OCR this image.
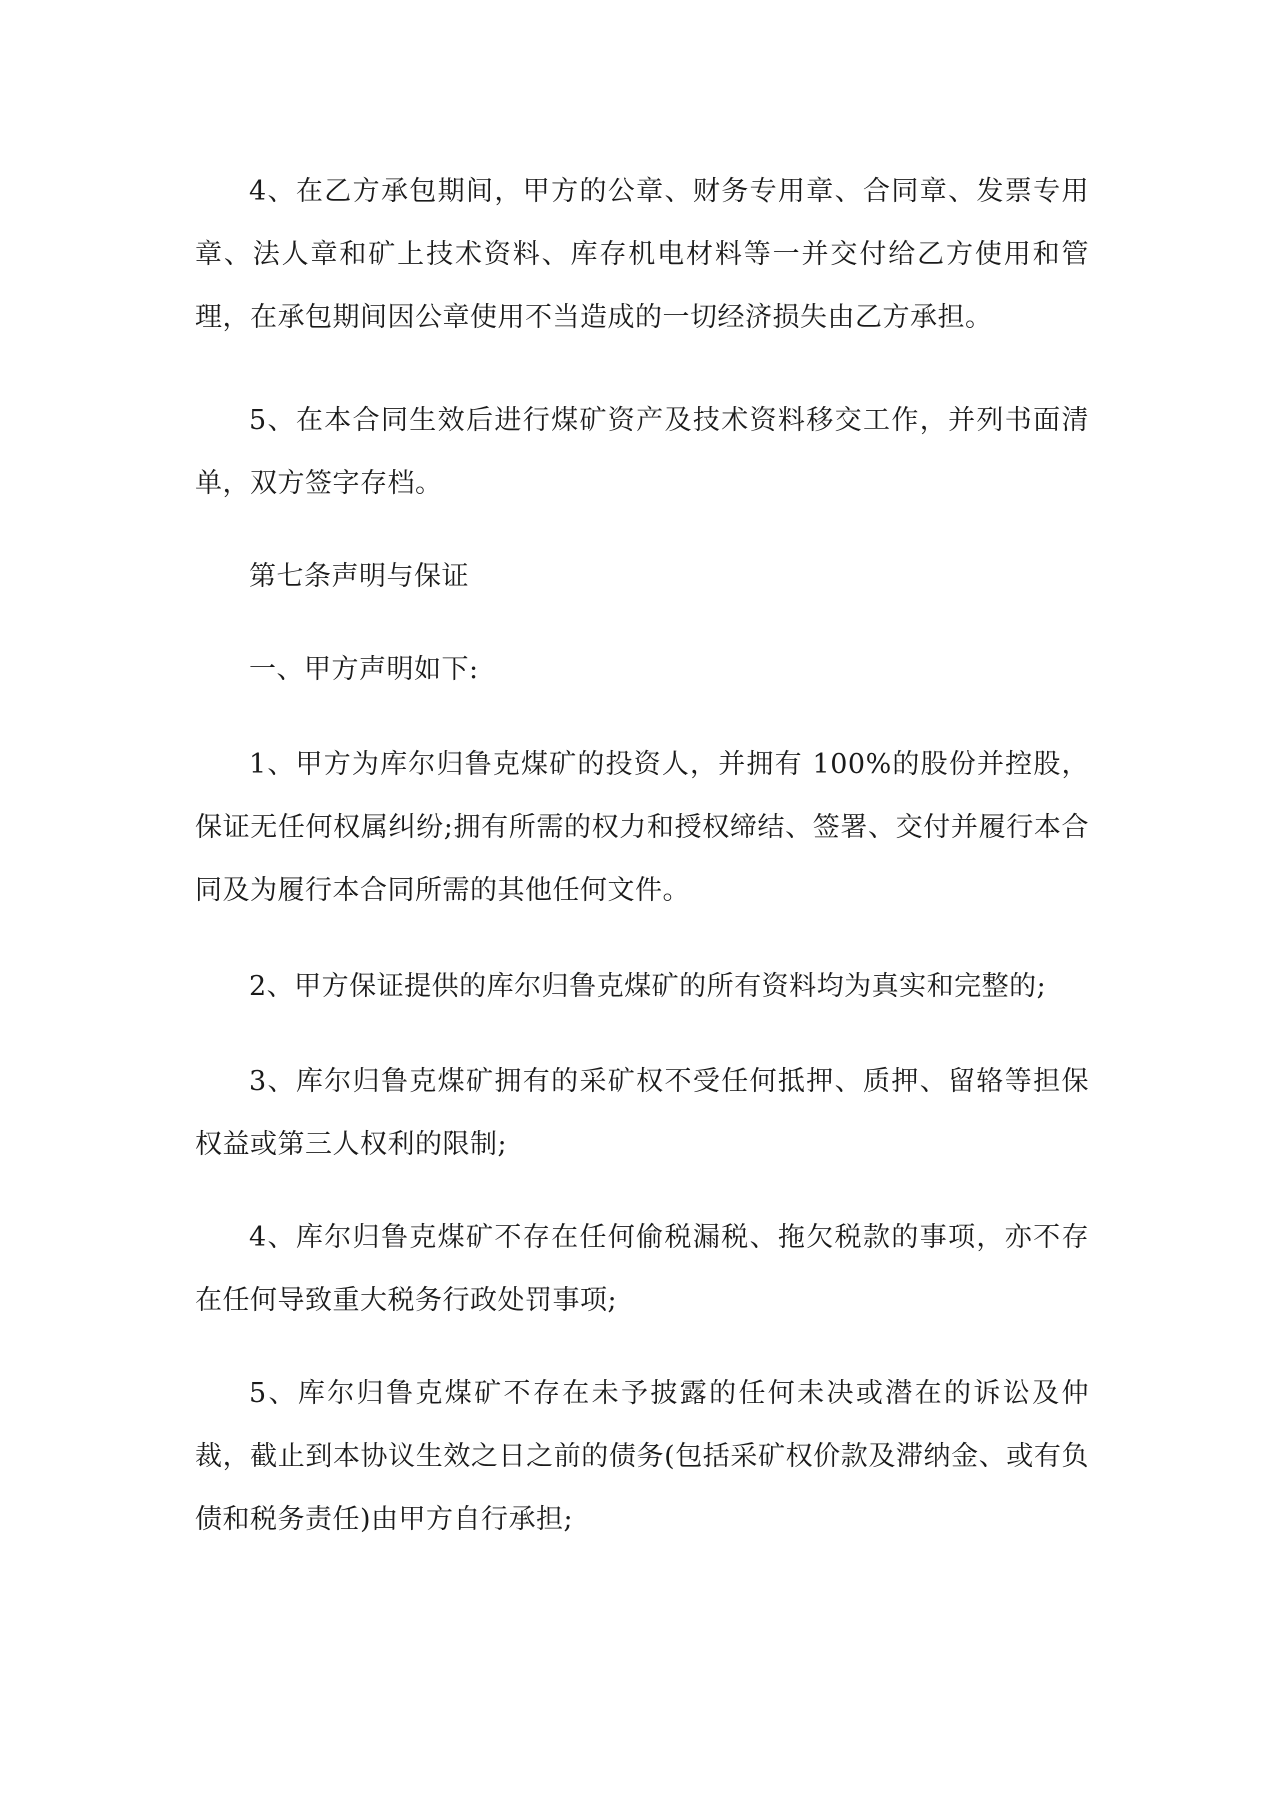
4、在乙方承包期间，甲方的公章、财务专用章、合同章、发票专用章、法人章和矿上技术资料、库存机电材料等一并交付给乙方使用和管理，在承包期间因公章使用不当造成的一切经济损失由乙方承担。

5、在本合同生效后进行煤矿资产及技术资料移交工作，并列书面清单，双方签字存档。

第七条声明与保证

一、甲方声明如下:

1、甲方为库尔归鲁克煤矿的投资人，并拥有 100%的股份并控股，保证无任何权属纠纷;拥有所需的权力和授权缔结、签署、交付并履行本合同及为履行本合同所需的其他任何文件。

2、甲方保证提供的库尔归鲁克煤矿的所有资料均为真实和完整的;

3、库尔归鲁克煤矿拥有的采矿权不受任何抵押、质押、留辂等担保权益或第三人权利的限制;

4、库尔归鲁克煤矿不存在任何偷税漏税、拖欠税款的事项，亦不存在任何导致重大税务行政处罚事项;

5、库尔归鲁克煤矿不存在未予披露的任何未决或潜在的诉讼及仲裁，截止到本协议生效之日之前的债务(包括采矿权价款及滞纳金、或有负债和税务责任)由甲方自行承担;
